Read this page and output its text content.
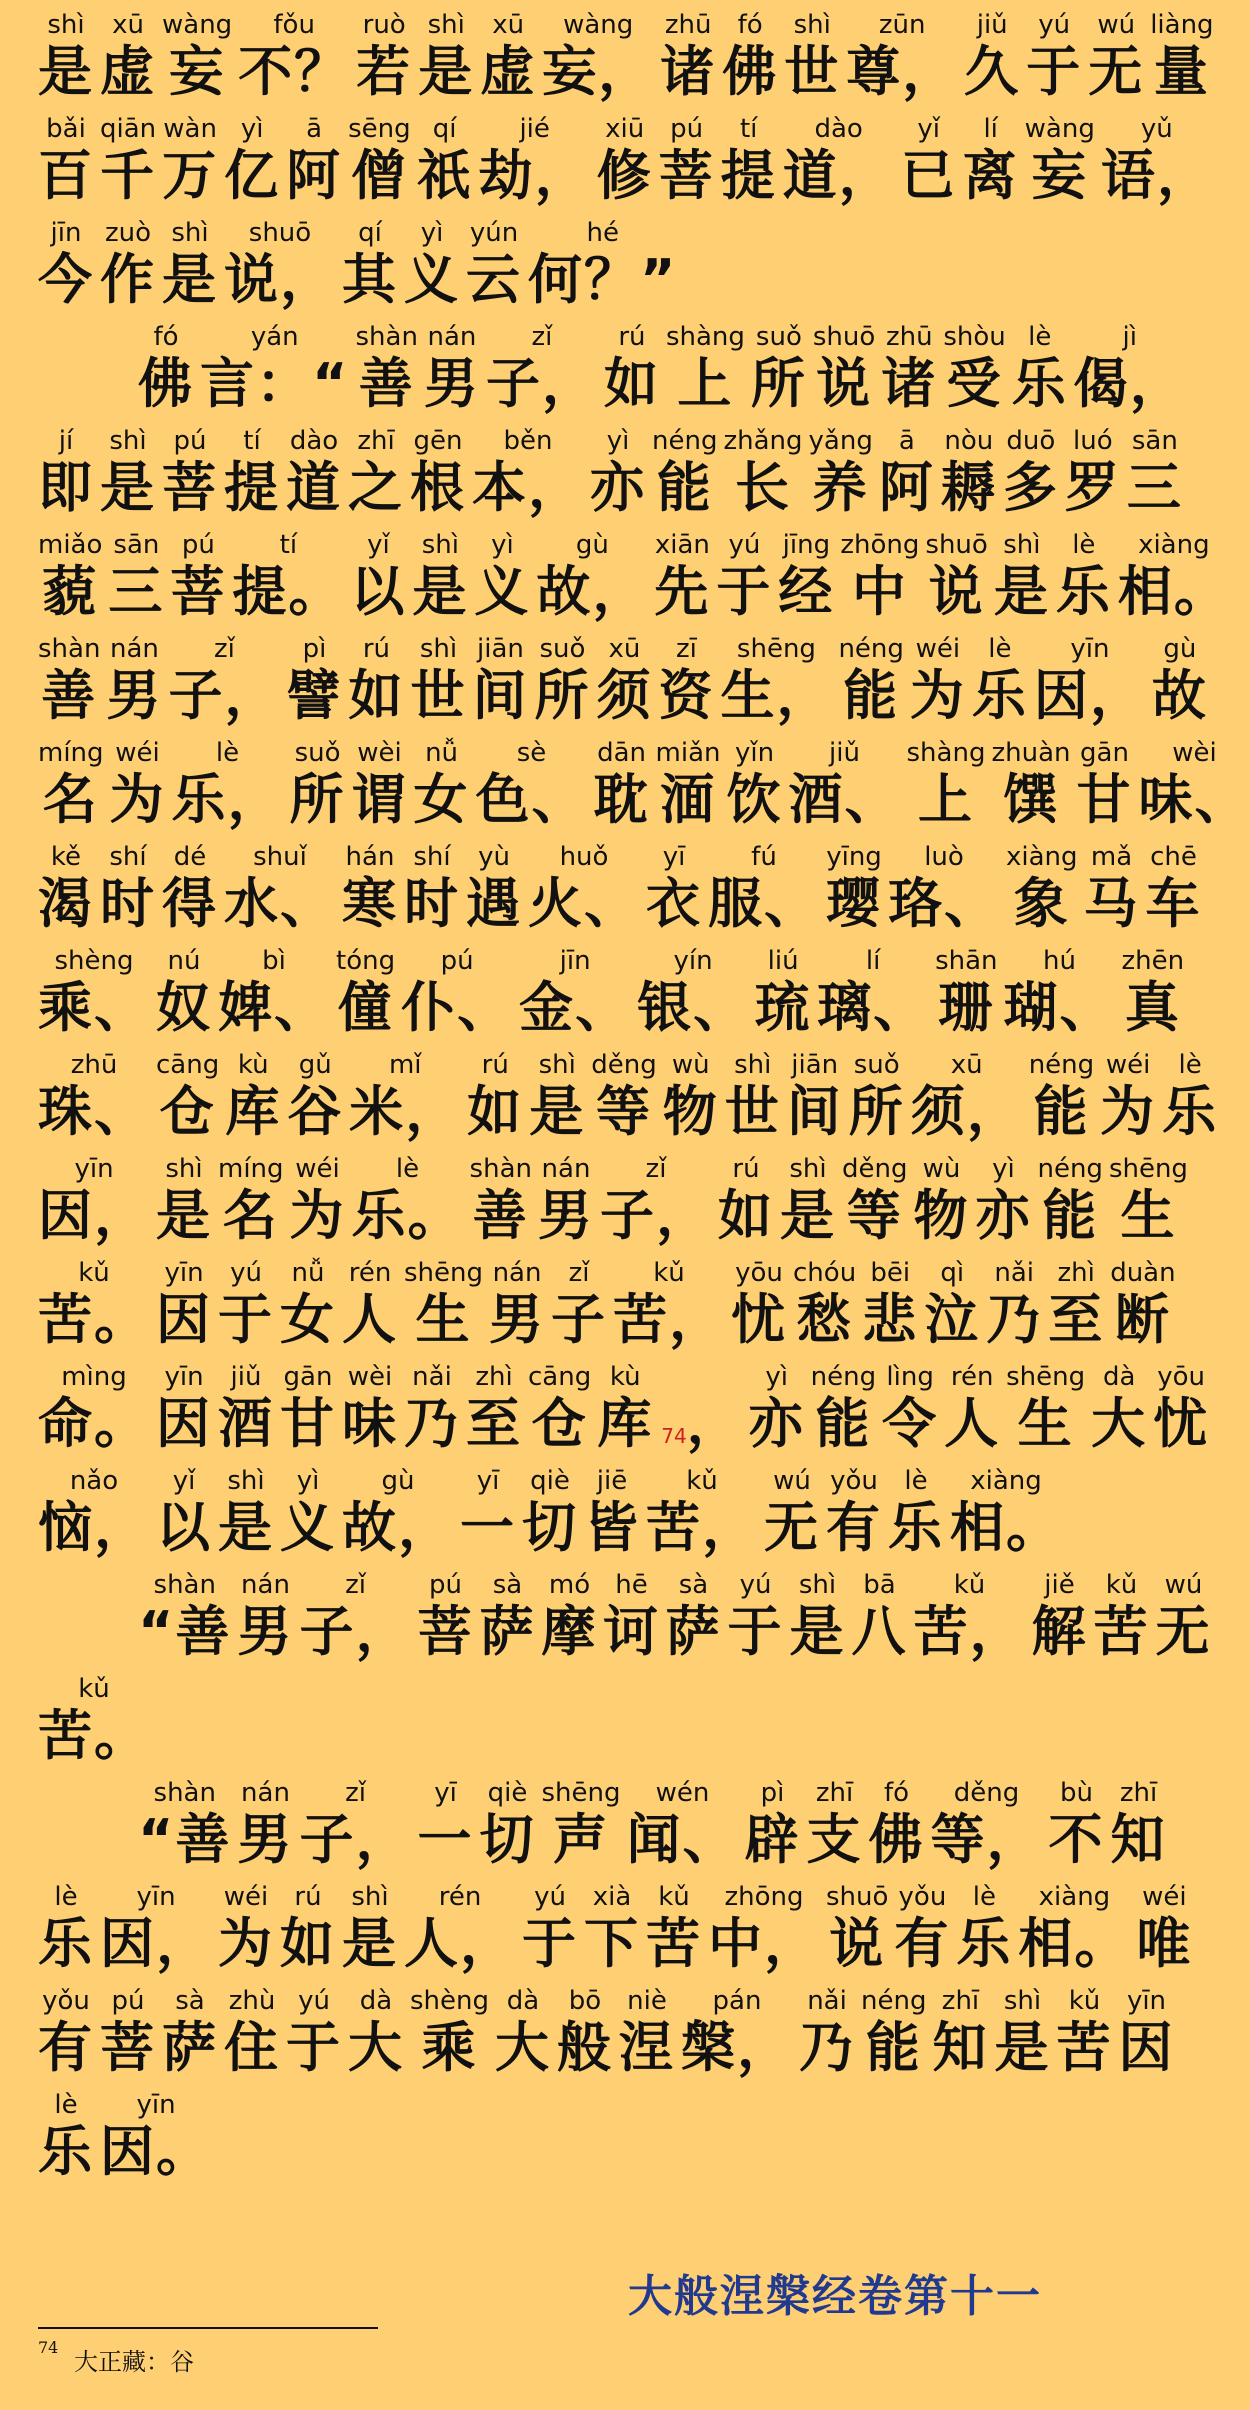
shì
是
xū
虚
wàng
妄
fǒu
不？
ruò
若
shì
是
xū
虚
wàng
妄，
zhū
诸
fó
佛
shì
世
zūn
尊，
jiǔ
久
yú
于
wú
无
liàng
量
bǎi
百
qiān
千
wàn
万
yì
亿
ā
阿
sēng
僧
qí
祇
jié
劫，
xiū
修
pú
菩
tí
提
dào
道，
yǐ
已
lí
离
wàng
妄
yǔ
语，
jīn
今
zuò
作
shì
是
shuō
说，
qí
其
yì
义
yún
云
hé
何？”
fó
佛
yán
言：“
shàn
善
nán
男
zǐ
子，
rú
如
shàng
上
suǒ
所
shuō
说
zhū
诸
shòu
受
lè
乐
jì
偈，
jí
即
shì
是
pú
菩
tí
提
dào
道
zhī
之
gēn
根
běn
本，
yì
亦
néng
能
zhǎng
长
yǎng
养
ā
阿
nòu
耨
duō
多
luó
罗
sān
三
miǎo
藐
sān
三
pú
菩
tí
提。
yǐ
以
shì
是
yì
义
gù
故，
xiān
先
yú
于
jīng
经
zhōng
中
shuō
说
shì
是
lè
乐
xiàng
相。
shàn
善
nán
男
zǐ
子，
pì
譬
rú
如
shì
世
jiān
间
suǒ
所
xū
须
zī
资
shēng
生，
néng
能
wéi
为
lè
乐
yīn
因，
gù
故
míng
名
wéi
为
lè
乐，
suǒ
所
wèi
谓
nǚ
女
sè
色、
dān
耽
miǎn
湎
yǐn
饮
jiǔ
酒、
shàng
上
zhuàn
馔
gān
甘
wèi
味、
kě
渴
shí
时
dé
得
shuǐ
水、
hán
寒
shí
时
yù
遇
huǒ
火、
yī
衣
fú
服、
yīng
璎
luò
珞、
xiàng
象
mǎ
马
chē
车
shèng
乘、
nú
奴
bì
婢、
tóng
僮
pú
仆、
jīn
金、
yín
银、
liú
琉
lí
璃、
shān
珊
hú
瑚、
zhēn
真
zhū
珠、
cāng
仓
kù
库
gǔ
谷
mǐ
米，
rú
如
shì
是
děng
等
wù
物
shì
世
jiān
间
suǒ
所
xū
须，
néng
能
wéi
为
lè
乐
yīn
因，
shì
是
míng
名
wéi
为
lè
乐。
shàn
善
nán
男
zǐ
子，
rú
如
shì
是
děng
等
wù
物
yì
亦
néng
能
shēng
生
kǔ
苦。
yīn
因
yú
于
nǚ
女
rén
人
shēng
生
nán
男
zǐ
子
kǔ
苦，
yōu
忧
chóu
愁
bēi
悲
qì
泣
nǎi
乃
zhì
至
duàn
断
mìng
命。
yīn
因
jiǔ
酒
gān
甘
wèi
味
nǎi
乃
zhì
至
cāng
仓
kù
库 74 ，
yì
亦
néng
能
lìng
令
rén
人
shēng
生
dà
大
yōu
忧
nǎo
恼，
yǐ
以
shì
是
yì
义
gù
故，
yī
一
qiè
切
jiē
皆
kǔ
苦，
wú
无
yǒu
有
lè
乐
xiàng
相。
shàn
“善
nán
男
zǐ
子，
pú
菩
sà
萨
mó
摩
hē
诃
sà
萨
yú
于
shì
是
bā
八
kǔ
苦，
jiě
解
kǔ
苦
wú
无
kǔ
苦。
shàn
“善
nán
男
zǐ
子，
yī
一
qiè
切
shēng
声
wén
闻、
pì
辟
zhī
支
fó
佛
děng
等，
bù
不
zhī
知
lè
乐
yīn
因，
wéi
为
rú
如
shì
是
rén
人，
yú
于
xià
下
kǔ
苦
zhōng
中，
shuō
说
yǒu
有
lè
乐
xiàng
相。
wéi
唯
yǒu
有
pú
菩
sà
萨
zhù
住
yú
于
dà
大
shèng
乘
dà
大
bō
般
niè
涅
pán
槃，
nǎi
乃
néng
能
zhī
知
shì
是
kǔ
苦
yīn
因
lè
乐
yīn
因。
大般涅槃经卷第十一
$^{74}$ 大正藏：谷
